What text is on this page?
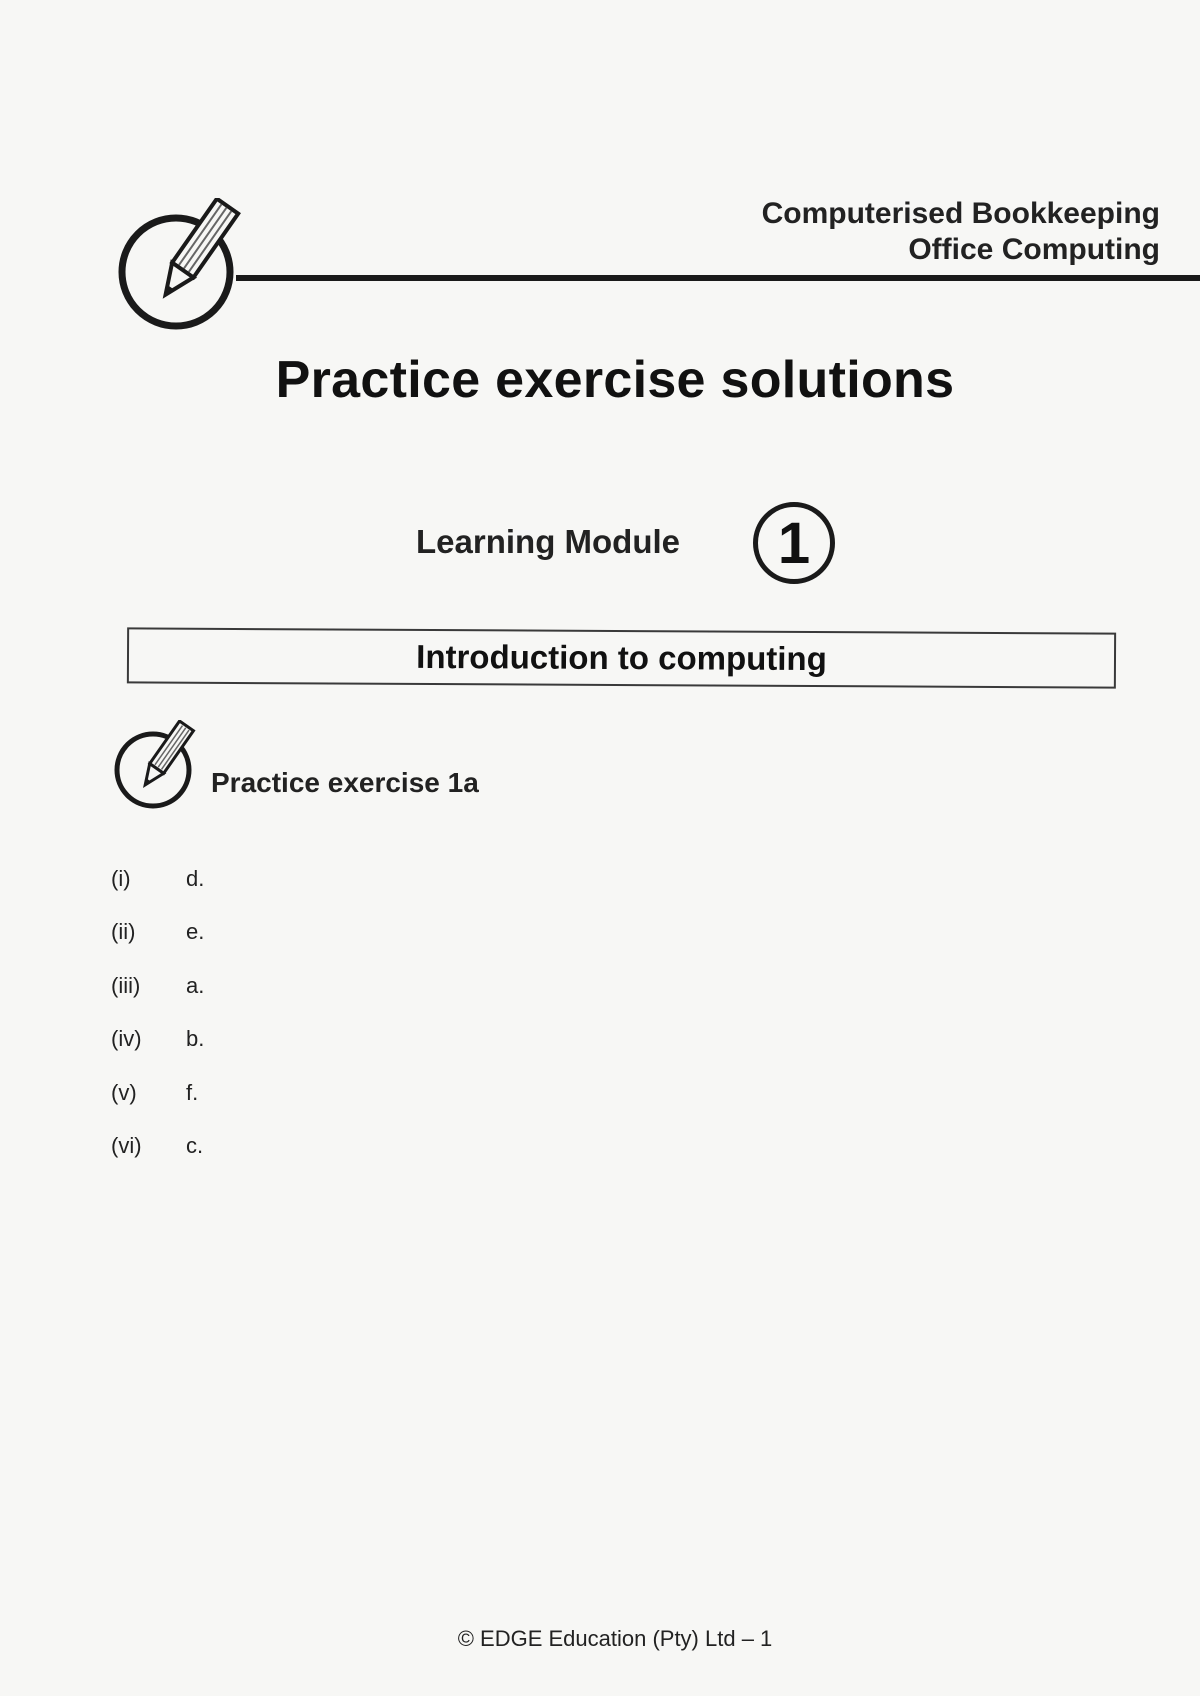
Computerised Bookkeeping
Office Computing
Practice exercise solutions
Learning Module	1
Introduction to computing
Practice exercise 1a
(i)	d.
(ii) e.
(iii) a.
(iv) b.
(v) f.
(vi) c.
© EDGE Education (Pty) Ltd – 1
